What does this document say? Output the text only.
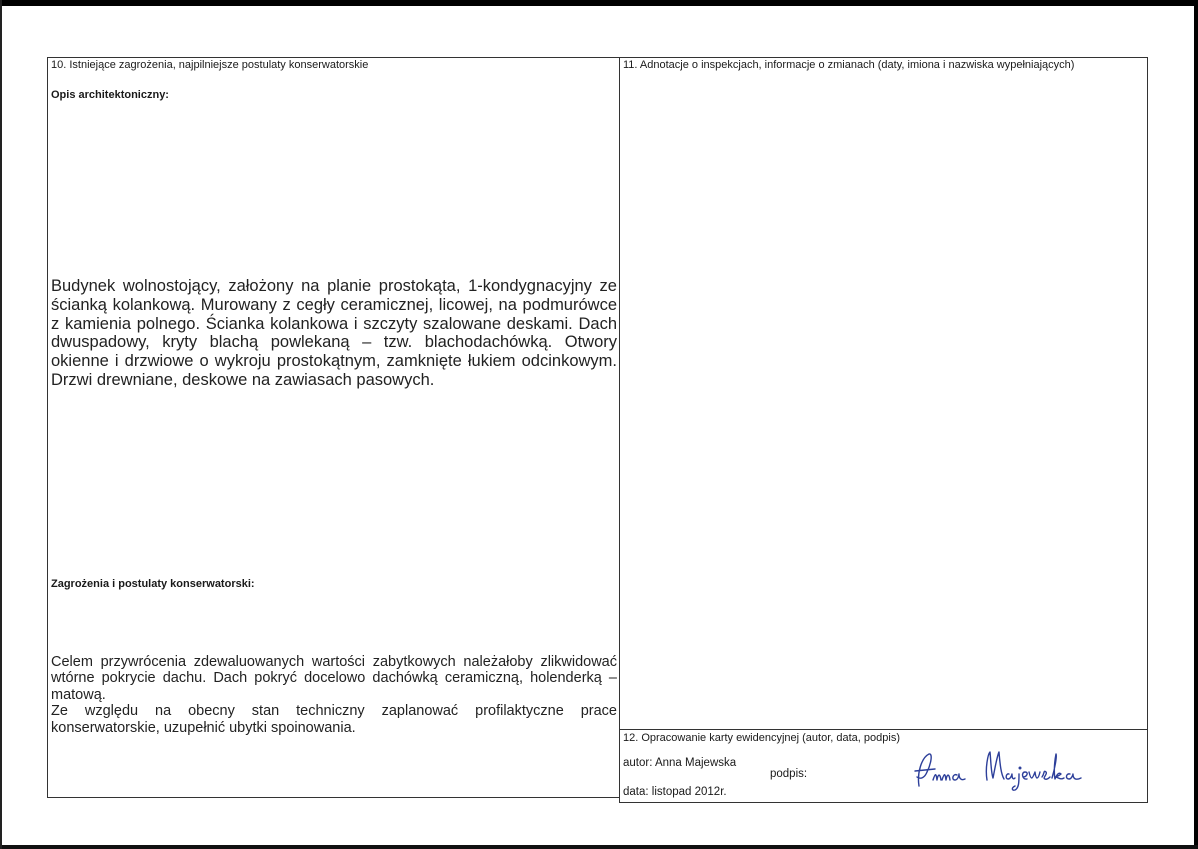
10. Istniejące zagrożenia, najpilniejsze postulaty konserwatorskie
Opis architektoniczny:
Budynek wolnostojący, założony na planie prostokąta, 1-kondygnacyjny ze ścianką kolankową. Murowany z cegły ceramicznej, licowej, na podmurówce z kamienia polnego. Ścianka kolankowa i szczyty szalowane deskami. Dach dwuspadowy, kryty blachą powlekaną – tzw. blachodachówką. Otwory okienne i drzwiowe o wykroju prostokątnym, zamknięte łukiem odcinkowym. Drzwi drewniane, deskowe na zawiasach pasowych.
Zagrożenia i postulaty konserwatorski:
Celem przywrócenia zdewaluowanych wartości zabytkowych należałoby zlikwidować wtórne pokrycie dachu. Dach pokryć docelowo dachówką ceramiczną, holenderką – matową.
Ze względu na obecny stan techniczny zaplanować profilaktyczne prace konserwatorskie, uzupełnić ubytki spoinowania.
11. Adnotacje o inspekcjach, informacje o zmianach (daty, imiona i nazwiska wypełniających)
12. Opracowanie karty ewidencyjnej (autor, data, podpis)
autor: Anna Majewska
podpis:
data: listopad 2012r.
